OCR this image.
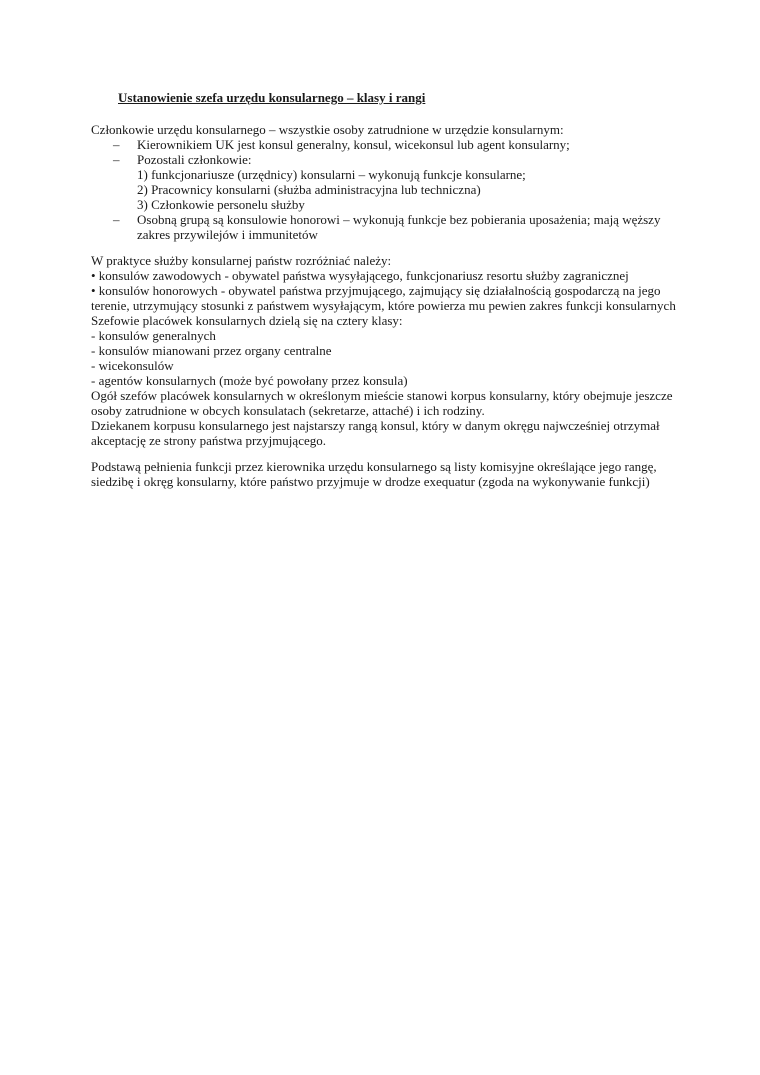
Ustanowienie szefa urzędu konsularnego – klasy i rangi
Członkowie urzędu konsularnego – wszystkie osoby zatrudnione w urzędzie konsularnym:
– Kierownikiem UK jest konsul generalny, konsul, wicekonsul lub agent konsularny;
– Pozostali członkowie:
1) funkcjonariusze (urzędnicy) konsularni – wykonują funkcje konsularne;
2) Pracownicy konsularni (służba administracyjna lub techniczna)
3) Członkowie personelu służby
– Osobną grupą są konsulowie honorowi – wykonują funkcje bez pobierania uposażenia; mają węższy
zakres przywilejów i immunitetów
W praktyce służby konsularnej państw rozróżniać należy:
• konsulów zawodowych - obywatel państwa wysyłającego, funkcjonariusz resortu służby zagranicznej
• konsulów honorowych - obywatel państwa przyjmującego, zajmujący się działalnością gospodarczą na jego
terenie, utrzymujący stosunki z państwem wysyłającym, które powierza mu pewien zakres funkcji konsularnych
Szefowie placówek konsularnych dzielą się na cztery klasy:
- konsulów generalnych
- konsulów mianowani przez organy centralne
- wicekonsulów
- agentów konsularnych (może być powołany przez konsula)
Ogół szefów placówek konsularnych w określonym mieście stanowi korpus konsularny, który obejmuje jeszcze
osoby zatrudnione w obcych konsulatach (sekretarze, attaché) i ich rodziny.
Dziekanem korpusu konsularnego jest najstarszy rangą konsul, który w danym okręgu najwcześniej otrzymał
akceptację ze strony państwa przyjmującego.
Podstawą pełnienia funkcji przez kierownika urzędu konsularnego są listy komisyjne określające jego rangę,
siedzibę i okręg konsularny, które państwo przyjmuje w drodze exequatur (zgoda na wykonywanie funkcji)
